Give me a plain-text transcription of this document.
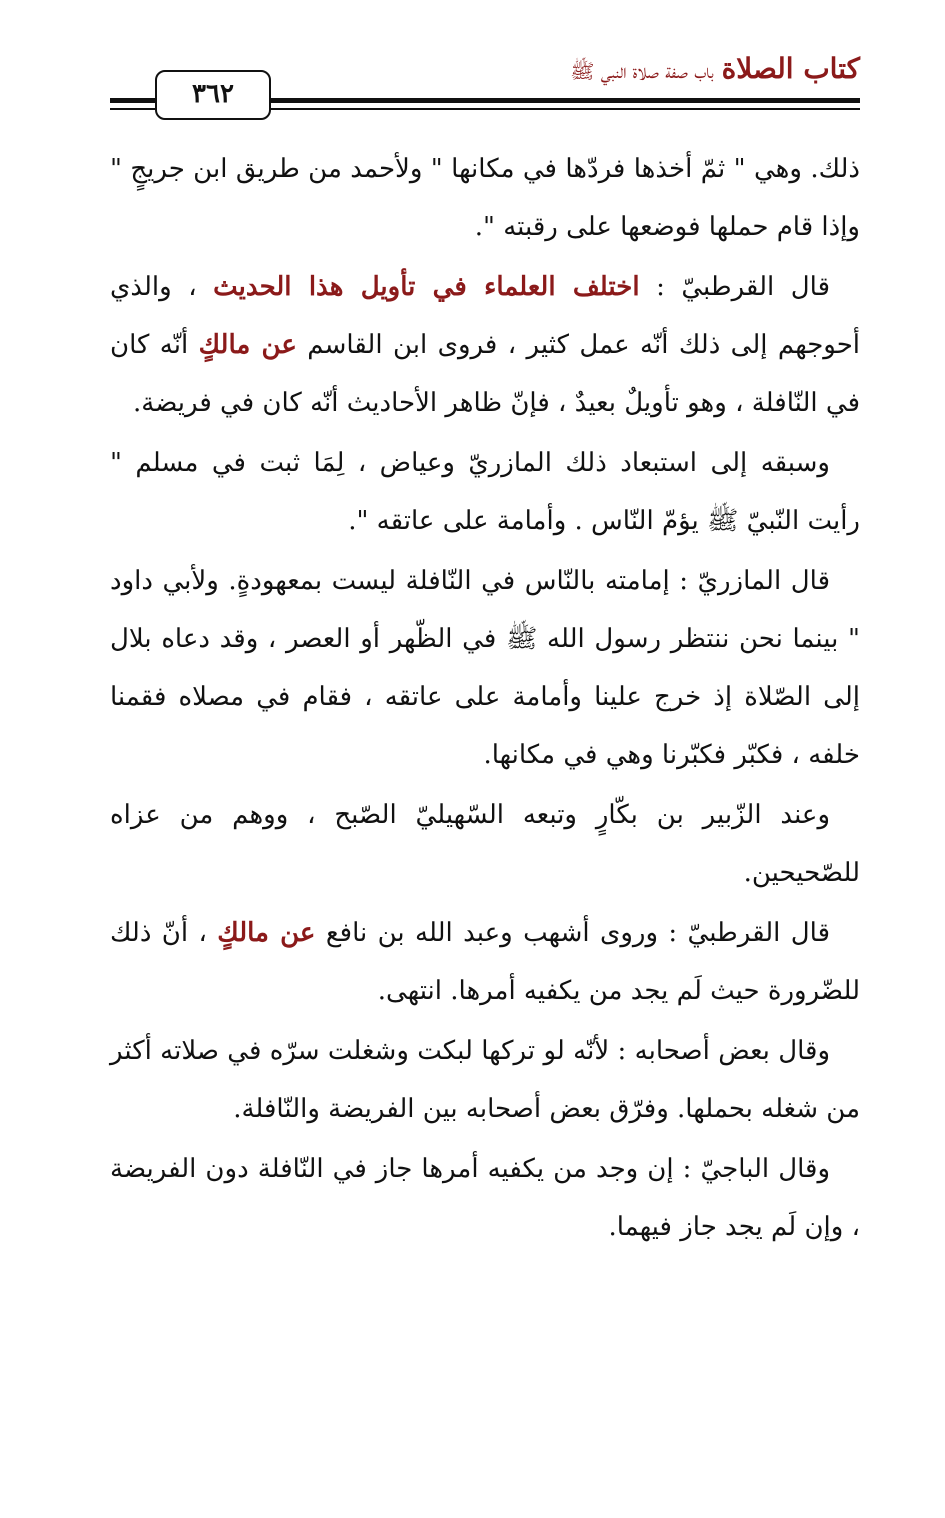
كتاب الصلاة باب صفة صلاة النبي ﷺ
٣٦٢

ذلك. وهي " ثمّ أخذها فردّها في مكانها " ولأحمد من طريق ابن جريجٍ " وإذا قام حملها فوضعها على رقبته ".

قال القرطبيّ : اختلف العلماء في تأويل هذا الحديث ، والذي أحوجهم إلى ذلك أنّه عمل كثير ، فروى ابن القاسم عن مالكٍ أنّه كان في النّافلة ، وهو تأويلٌ بعيدٌ ، فإنّ ظاهر الأحاديث أنّه كان في فريضة.

وسبقه إلى استبعاد ذلك المازريّ وعياض ، لِمَا ثبت في مسلم " رأيت النّبيّ ﷺ يؤمّ النّاس . وأمامة على عاتقه ".

قال المازريّ : إمامته بالنّاس في النّافلة ليست بمعهودةٍ. ولأبي داود " بينما نحن ننتظر رسول الله ﷺ في الظّهر أو العصر ، وقد دعاه بلال إلى الصّلاة إذ خرج علينا وأمامة على عاتقه ، فقام في مصلاه فقمنا خلفه ، فكبّر فكبّرنا وهي في مكانها.

وعند الزّبير بن بكّارٍ وتبعه السّهيليّ الصّبح ، ووهم من عزاه للصّحيحين.

قال القرطبيّ : وروى أشهب وعبد الله بن نافع عن مالكٍ ، أنّ ذلك للضّرورة حيث لَم يجد من يكفيه أمرها. انتهى.

وقال بعض أصحابه : لأنّه لو تركها لبكت وشغلت سرّه في صلاته أكثر من شغله بحملها. وفرّق بعض أصحابه بين الفريضة والنّافلة.

وقال الباجيّ : إن وجد من يكفيه أمرها جاز في النّافلة دون الفريضة ، وإن لَم يجد جاز فيهما.
